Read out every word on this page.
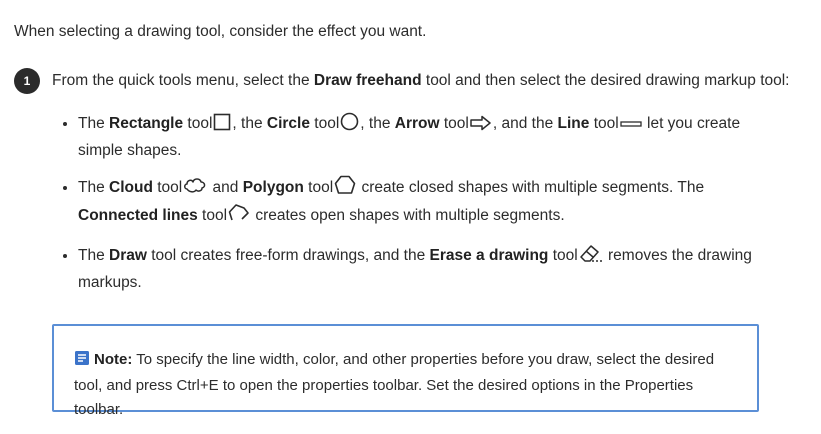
When selecting a drawing tool, consider the effect you want.
1	From the quick tools menu, select the Draw freehand tool and then select the desired drawing markup tool:
• The Rectangle tool , the Circle tool , the Arrow tool , and the Line tool let you create simple shapes.
• The Cloud tool and Polygon tool create closed shapes with multiple segments. The Connected lines tool creates open shapes with multiple segments.
• The Draw tool creates free-form drawings, and the Erase a drawing tool removes the drawing markups.
Note: To specify the line width, color, and other properties before you draw, select the desired tool, and press Ctrl+E to open the properties toolbar. Set the desired options in the Properties toolbar.
